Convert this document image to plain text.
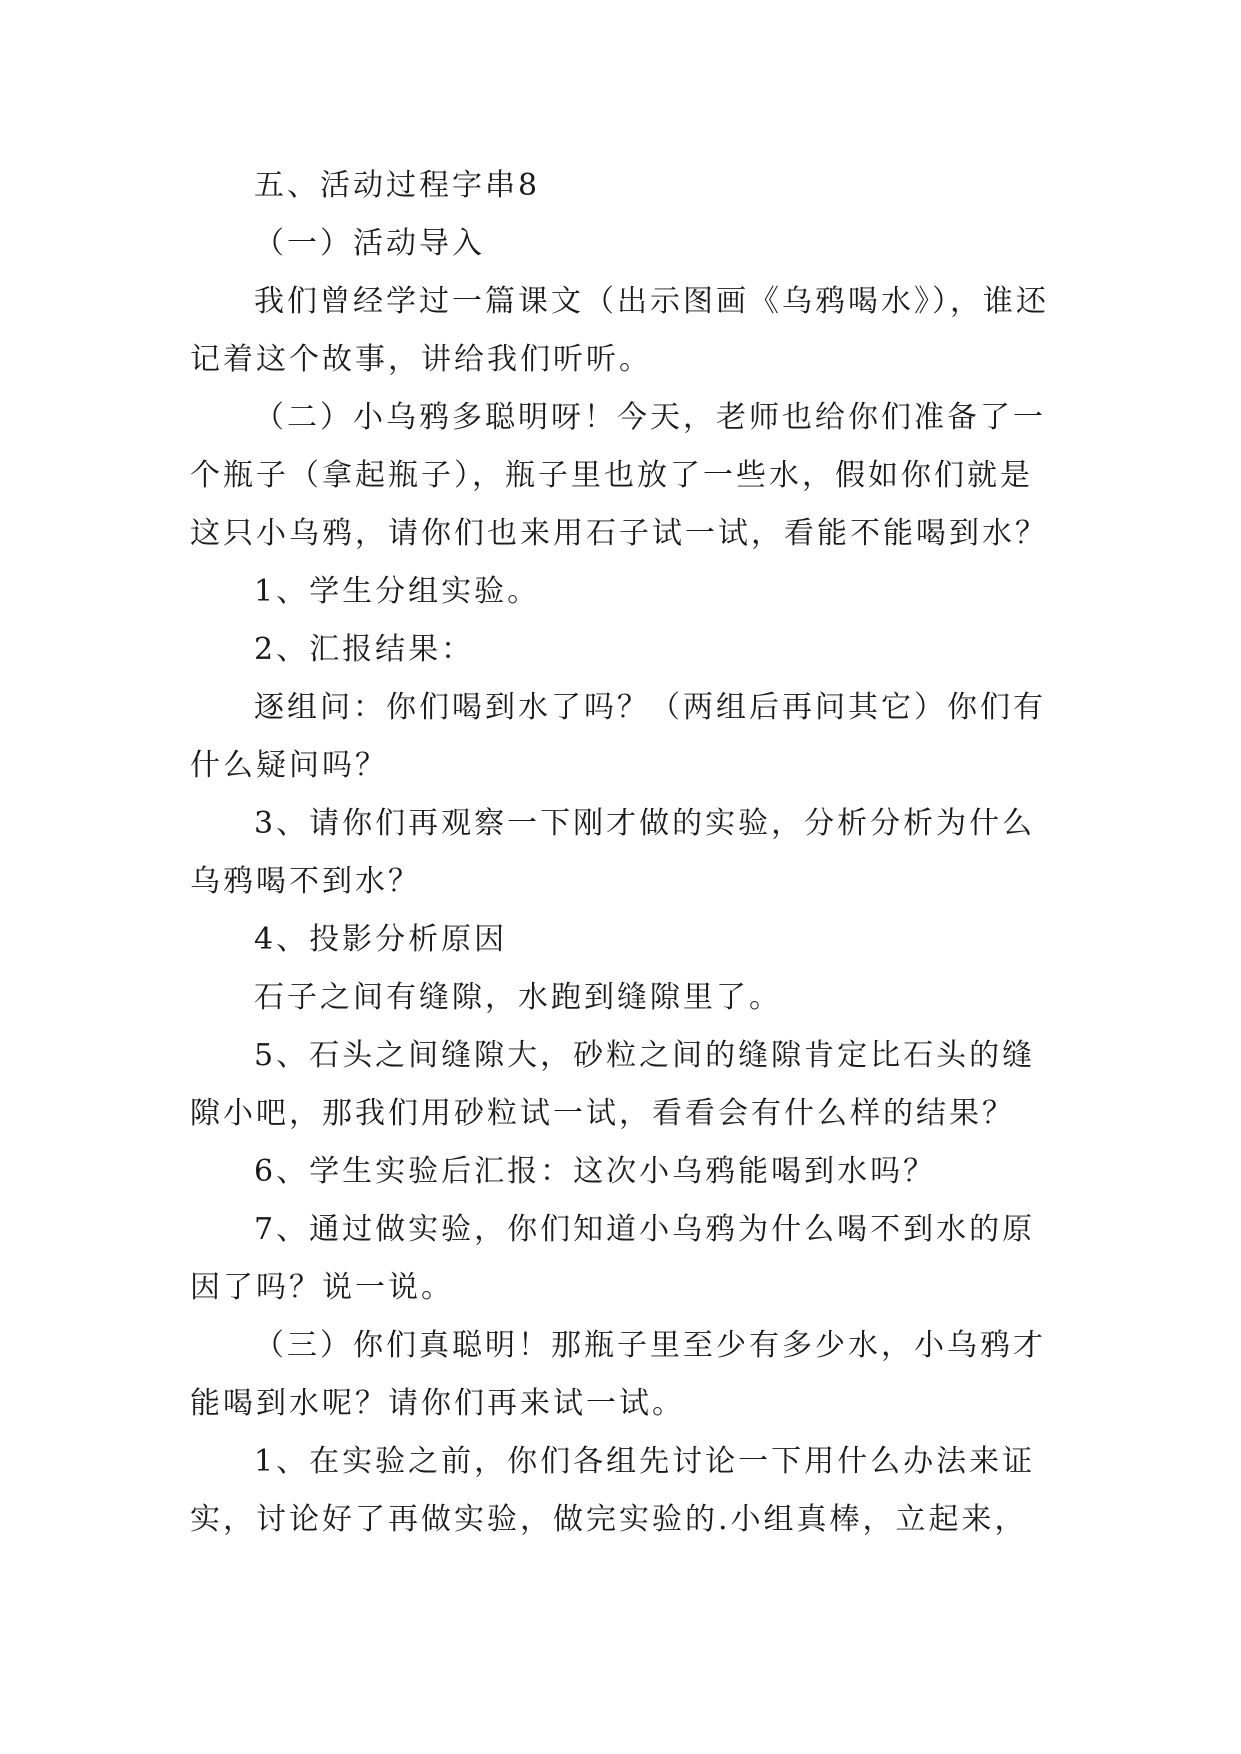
五、活动过程字串8

（一）活动导入

我们曾经学过一篇课文（出示图画《乌鸦喝水》），谁还记着这个故事，讲给我们听听。

（二）小乌鸦多聪明呀！今天，老师也给你们准备了一个瓶子（拿起瓶子），瓶子里也放了一些水，假如你们就是这只小乌鸦，请你们也来用石子试一试，看能不能喝到水？

1、学生分组实验。

2、汇报结果：

逐组问：你们喝到水了吗？（两组后再问其它）你们有什么疑问吗？

3、请你们再观察一下刚才做的实验，分析分析为什么乌鸦喝不到水？

4、投影分析原因

石子之间有缝隙，水跑到缝隙里了。

5、石头之间缝隙大，砂粒之间的缝隙肯定比石头的缝隙小吧，那我们用砂粒试一试，看看会有什么样的结果？

6、学生实验后汇报：这次小乌鸦能喝到水吗？

7、通过做实验，你们知道小乌鸦为什么喝不到水的原因了吗？说一说。

（三）你们真聪明！那瓶子里至少有多少水，小乌鸦才能喝到水呢？请你们再来试一试。

1、在实验之前，你们各组先讨论一下用什么办法来证实，讨论好了再做实验，做完实验的.小组真棒，立起来，
